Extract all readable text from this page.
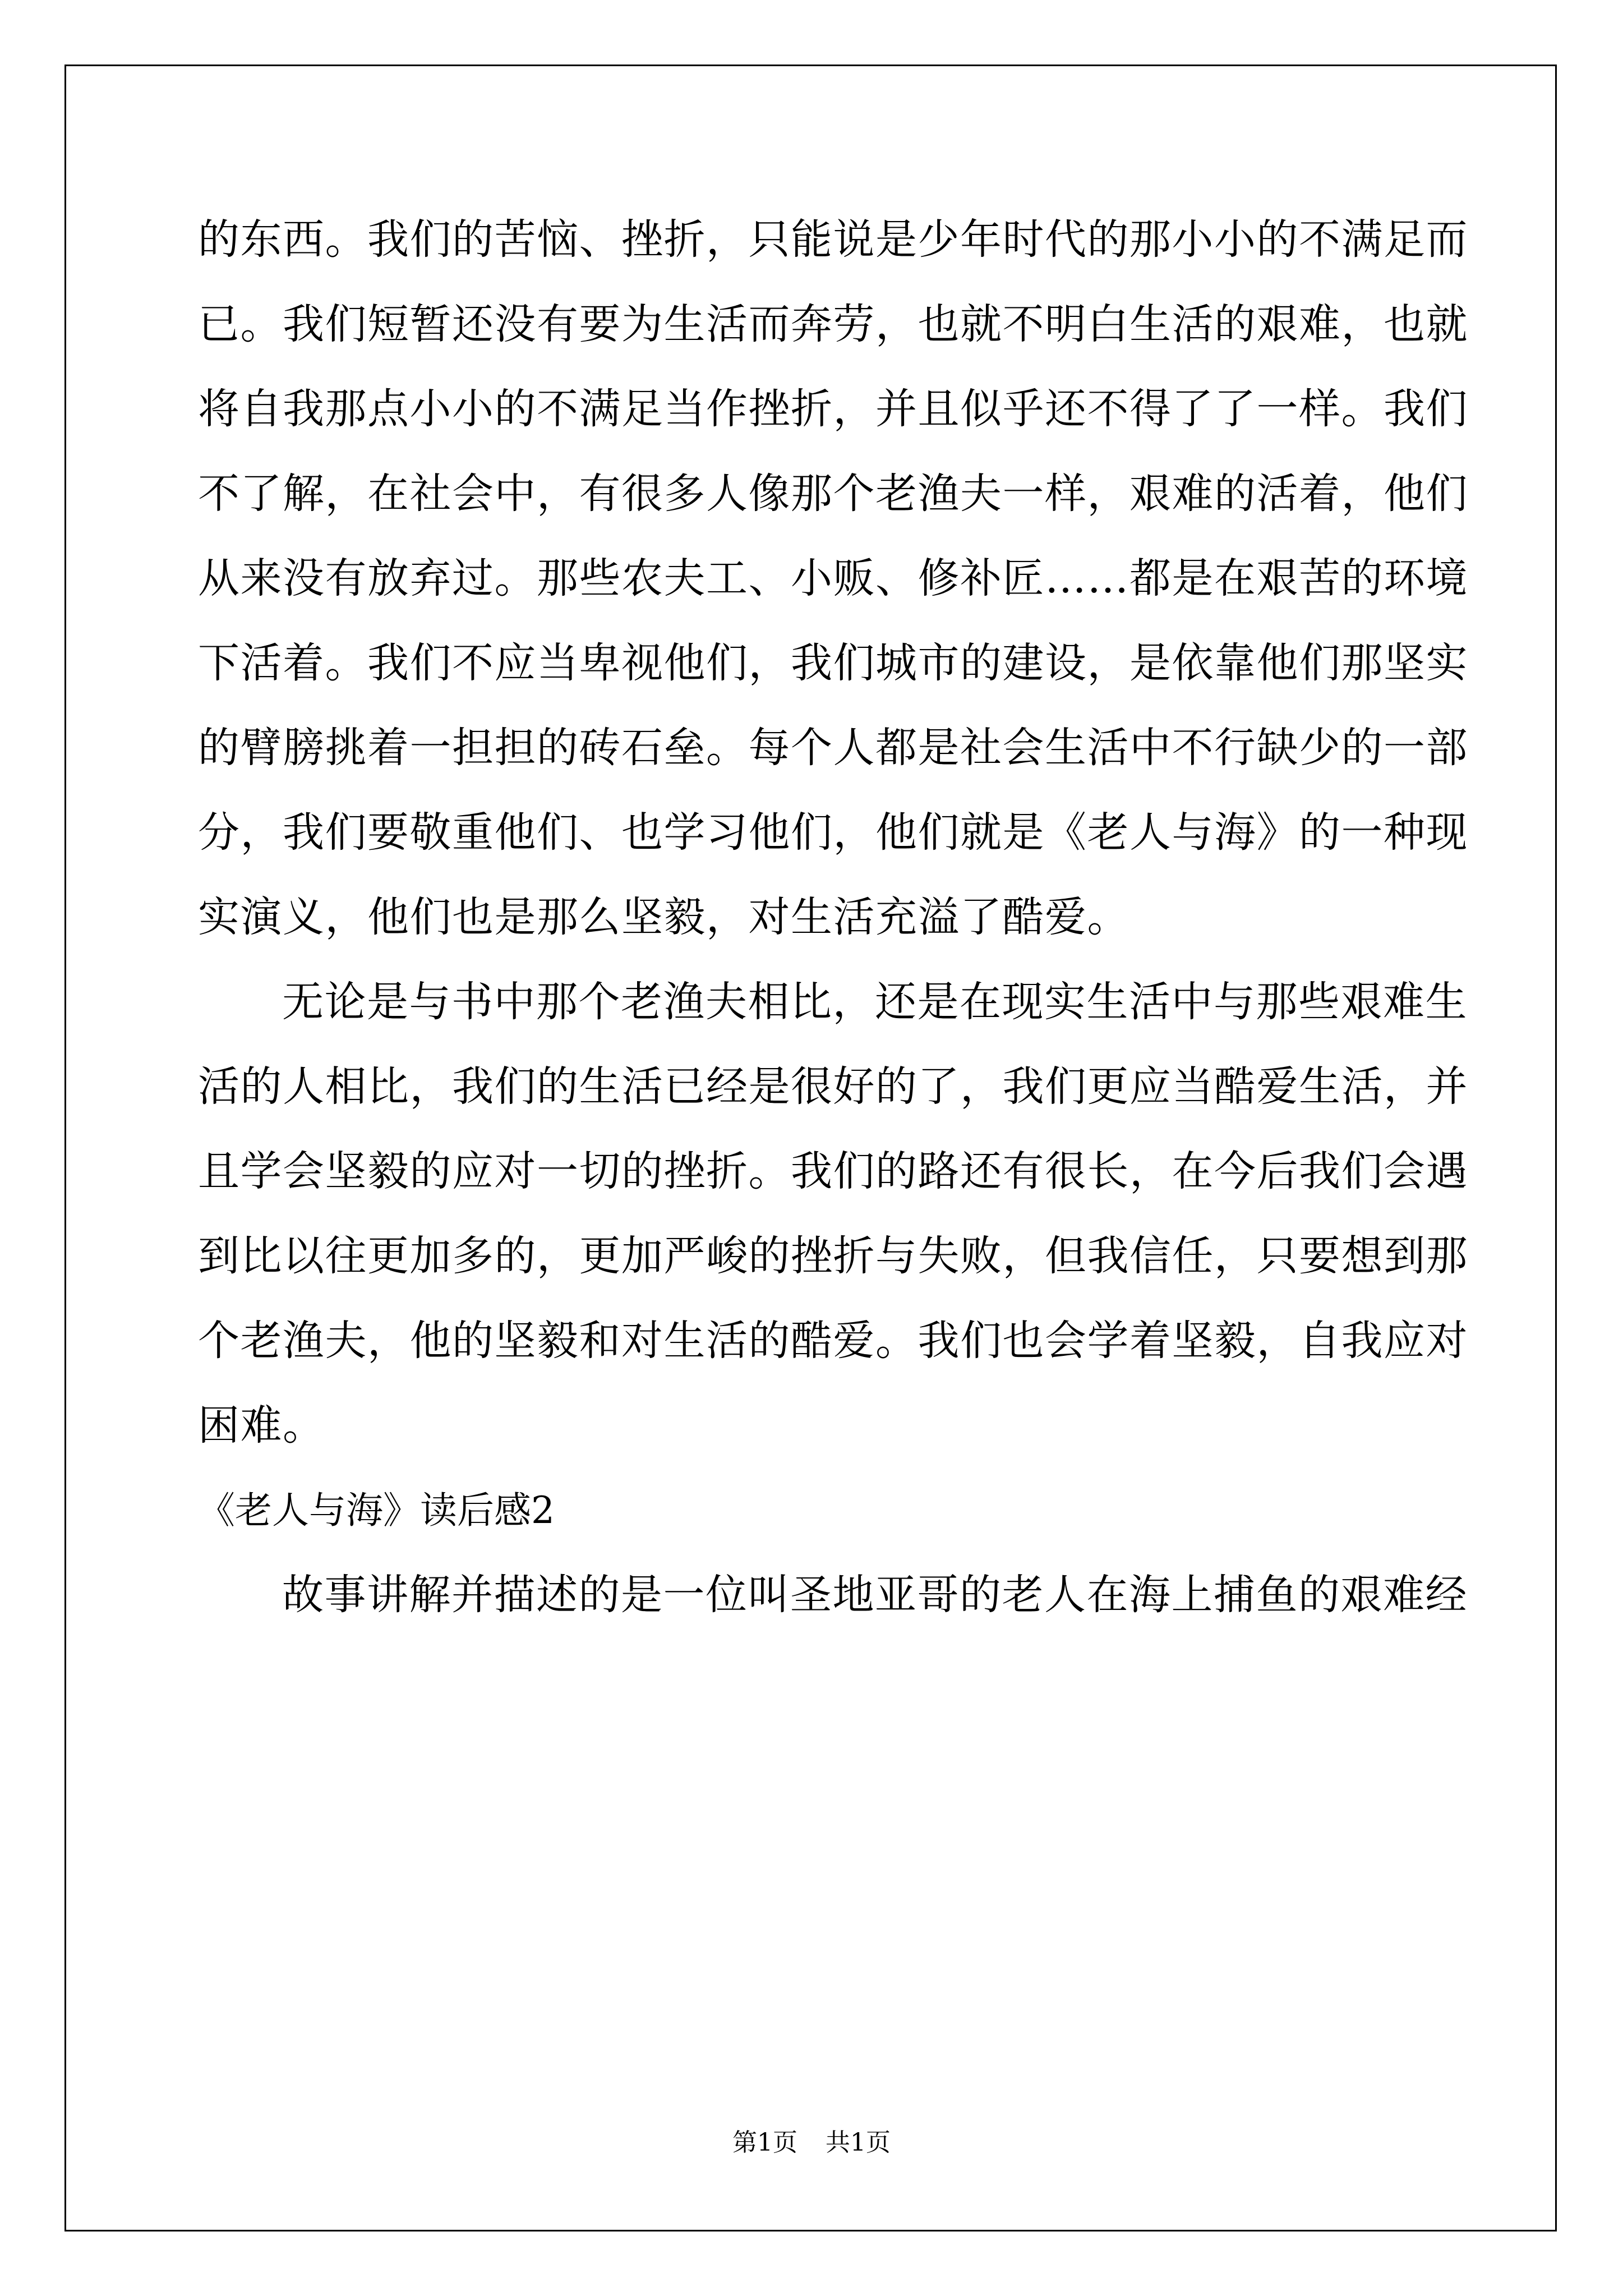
的东西。我们的苦恼、挫折，只能说是少年时代的那小小的不满足而
已。我们短暂还没有要为生活而奔劳，也就不明白生活的艰难，也就
将自我那点小小的不满足当作挫折，并且似乎还不得了了一样。我们
不了解，在社会中，有很多人像那个老渔夫一样，艰难的活着，他们
从来没有放弃过。那些农夫工、小贩、修补匠……都是在艰苦的环境
下活着。我们不应当卑视他们，我们城市的建设，是依靠他们那坚实
的臂膀挑着一担担的砖石垒。每个人都是社会生活中不行缺少的一部
分，我们要敬重他们、也学习他们，他们就是《老人与海》的一种现
实演义，他们也是那么坚毅，对生活充溢了酷爱。
无论是与书中那个老渔夫相比，还是在现实生活中与那些艰难生
活的人相比，我们的生活已经是很好的了，我们更应当酷爱生活，并
且学会坚毅的应对一切的挫折。我们的路还有很长，在今后我们会遇
到比以往更加多的，更加严峻的挫折与失败，但我信任，只要想到那
个老渔夫，他的坚毅和对生活的酷爱。我们也会学着坚毅，自我应对
困难。
《老人与海》读后感2
故事讲解并描述的是一位叫圣地亚哥的老人在海上捕鱼的艰难经
第1页 共1页
